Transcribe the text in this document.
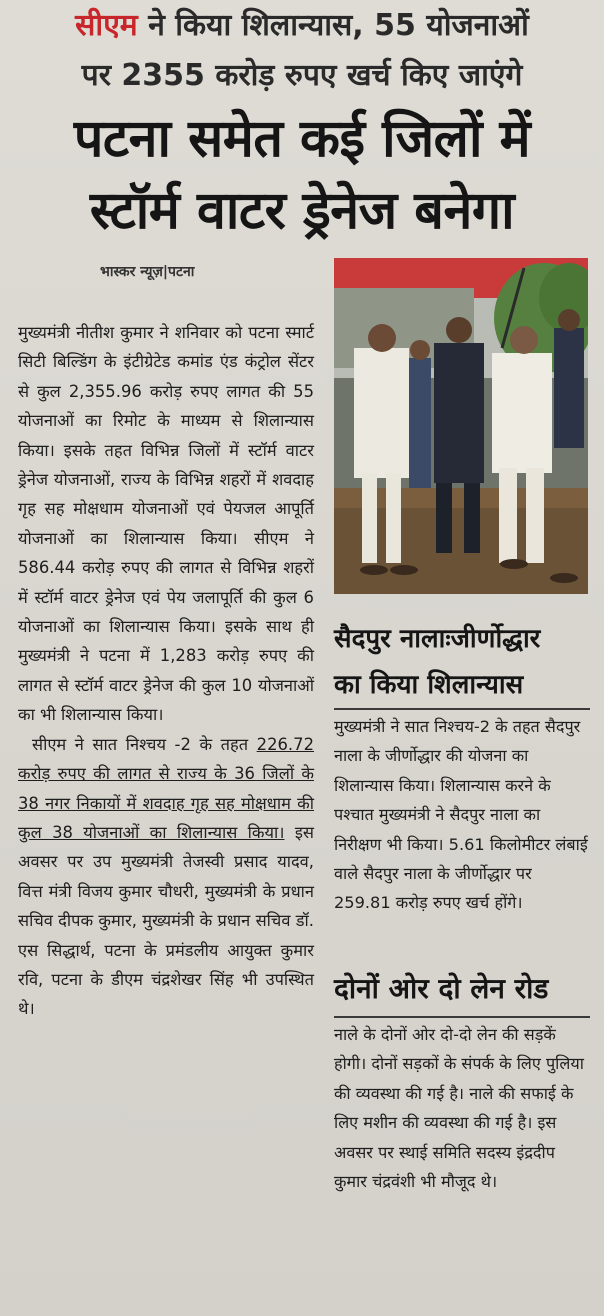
सीएम ने किया शिलान्यास, 55 योजनाओं
पर 2355 करोड़ रुपए खर्च किए जाएंगे
पटना समेत कई जिलों में
स्टॉर्म वाटर ड्रेनेज बनेगा
भास्कर न्यूज़|पटना

मुख्यमंत्री नीतीश कुमार ने शनिवार को पटना स्मार्ट सिटी बिल्डिंग के इंटीग्रेटेड कमांड एंड कंट्रोल सेंटर से कुल 2,355.96 करोड़ रुपए लागत की 55 योजनाओं का रिमोट के माध्यम से शिलान्यास किया। इसके तहत विभिन्न जिलों में स्टॉर्म वाटर ड्रेनेज योजनाओं, राज्य के विभिन्न शहरों में शवदाह गृह सह मोक्षधाम योजनाओं एवं पेयजल आपूर्ति योजनाओं का शिलान्यास किया। सीएम ने 586.44 करोड़ रुपए की लागत से विभिन्न शहरों में स्टॉर्म वाटर ड्रेनेज एवं पेय जलापूर्ति की कुल 6 योजनाओं का शिलान्यास किया। इसके साथ ही मुख्यमंत्री ने पटना में 1,283 करोड़ रुपए की लागत से स्टॉर्म वाटर ड्रेनेज की कुल 10 योजनाओं का भी शिलान्यास किया।

सीएम ने सात निश्चय -2 के तहत 226.72 करोड़ रुपए की लागत से राज्य के 36 जिलों के 38 नगर निकायों में शवदाह गृह सह मोक्षधाम की कुल 38 योजनाओं का शिलान्यास किया। इस अवसर पर उप मुख्यमंत्री तेजस्वी प्रसाद यादव, वित्त मंत्री विजय कुमार चौधरी, मुख्यमंत्री के प्रधान सचिव दीपक कुमार, मुख्यमंत्री के प्रधान सचिव डॉ. एस सिद्धार्थ, पटना के प्रमंडलीय आयुक्त कुमार रवि, पटना के डीएम चंद्रशेखर सिंह भी उपस्थित थे।

सैदपुर नालाःजीर्णोद्धार
का किया शिलान्यास
मुख्यमंत्री ने सात निश्चय-2 के तहत सैदपुर नाला के जीर्णोद्धार की योजना का शिलान्यास किया। शिलान्यास करने के पश्चात मुख्यमंत्री ने सैदपुर नाला का निरीक्षण भी किया। 5.61 किलोमीटर लंबाई वाले सैदपुर नाला के जीर्णोद्धार पर 259.81 करोड़ रुपए खर्च होंगे।
दोनों ओर दो लेन रोड
नाले के दोनों ओर दो-दो लेन की सड़कें होगी। दोनों सड़कों के संपर्क के लिए पुलिया की व्यवस्था की गई है। नाले की सफाई के लिए मशीन की व्यवस्था की गई है। इस अवसर पर स्थाई समिति सदस्य इंद्रदीप कुमार चंद्रवंशी भी मौजूद थे।
